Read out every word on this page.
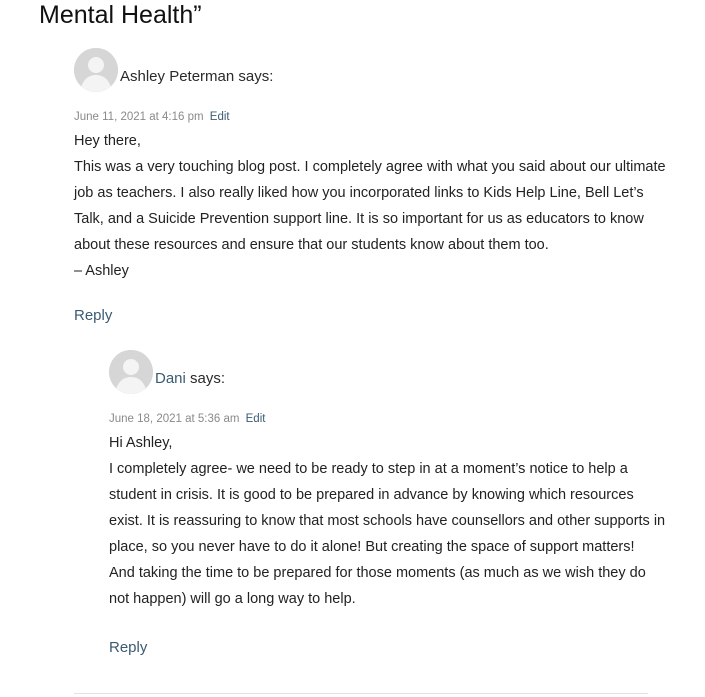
Mental Health”
Ashley Peterman says:
June 11, 2021 at 4:16 pm Edit

Hey there,

This was a very touching blog post. I completely agree with what you said about our ultimate job as teachers. I also really liked how you incorporated links to Kids Help Line, Bell Let’s Talk, and a Suicide Prevention support line. It is so important for us as educators to know about these resources and ensure that our students know about them too.

– Ashley

Reply
Dani says:
June 18, 2021 at 5:36 am Edit

Hi Ashley,

I completely agree- we need to be ready to step in at a moment’s notice to help a student in crisis. It is good to be prepared in advance by knowing which resources exist. It is reassuring to know that most schools have counsellors and other supports in place, so you never have to do it alone! But creating the space of support matters!

And taking the time to be prepared for those moments (as much as we wish they do not happen) will go a long way to help.

Reply
